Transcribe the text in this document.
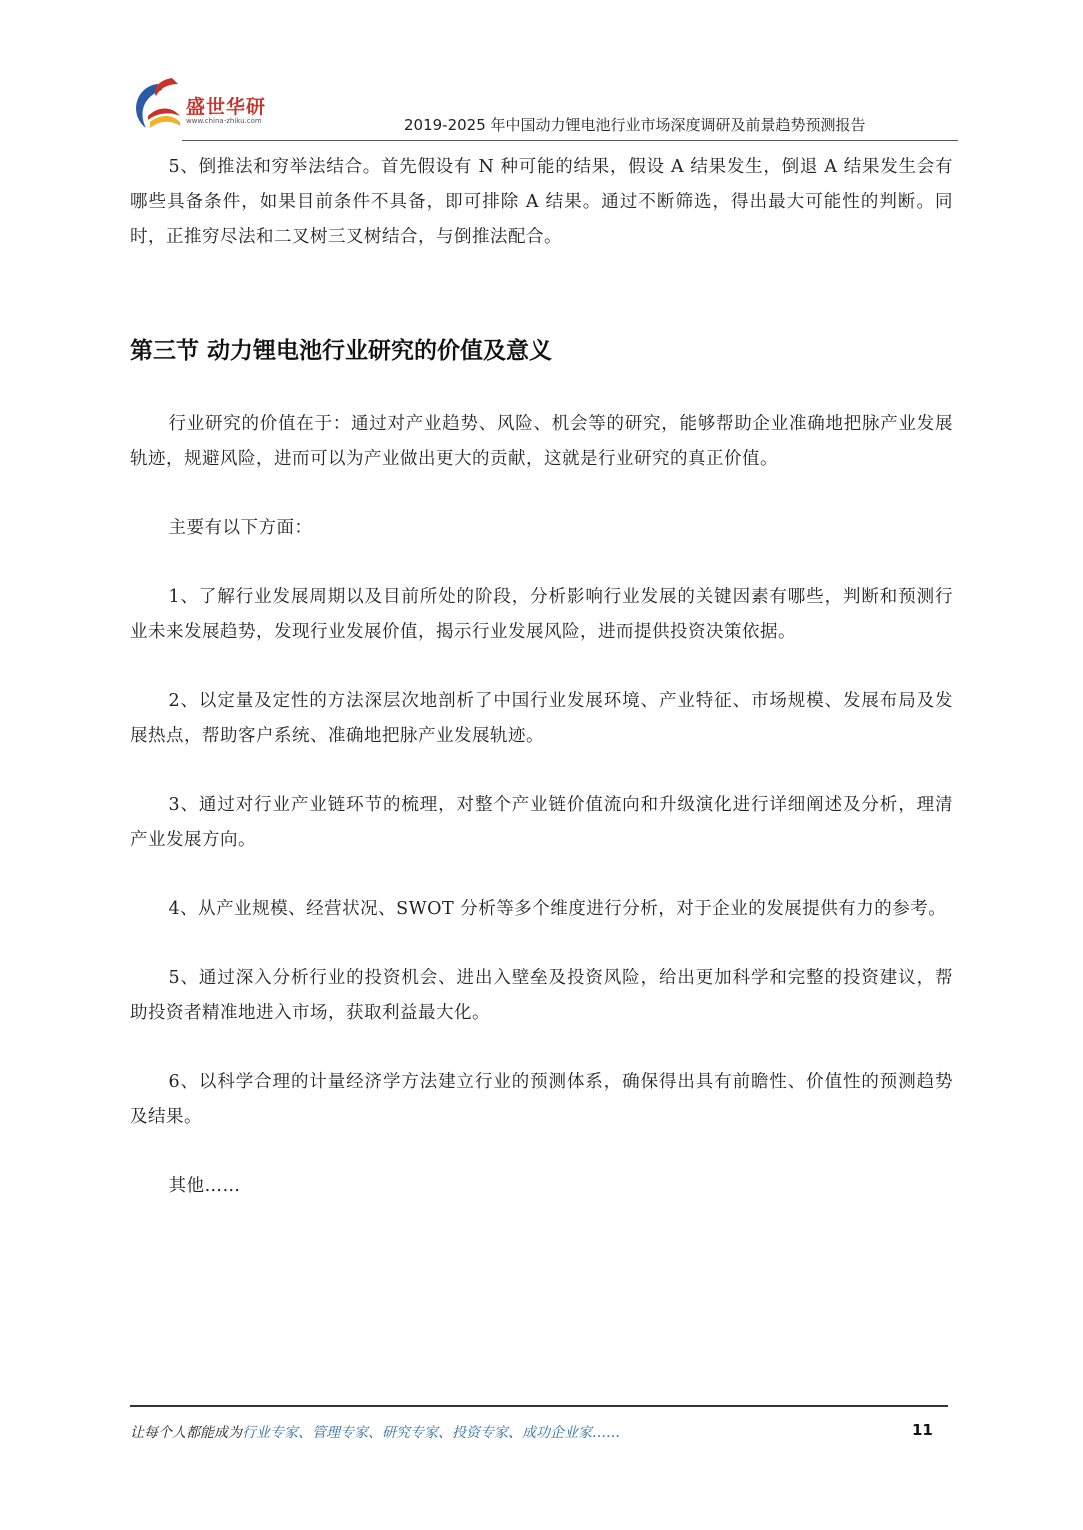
盛世华研
www.china-zhiku.com	2019-2025 年中国动力锂电池行业市场深度调研及前景趋势预测报告

5、倒推法和穷举法结合。首先假设有 N 种可能的结果，假设 A 结果发生，倒退 A 结果发生会有哪些具备条件，如果目前条件不具备，即可排除 A 结果。通过不断筛选，得出最大可能性的判断。同时，正推穷尽法和二叉树三叉树结合，与倒推法配合。

第三节 动力锂电池行业研究的价值及意义

行业研究的价值在于：通过对产业趋势、风险、机会等的研究，能够帮助企业准确地把脉产业发展轨迹，规避风险，进而可以为产业做出更大的贡献，这就是行业研究的真正价值。

主要有以下方面：

1、了解行业发展周期以及目前所处的阶段，分析影响行业发展的关键因素有哪些，判断和预测行业未来发展趋势，发现行业发展价值，揭示行业发展风险，进而提供投资决策依据。

2、以定量及定性的方法深层次地剖析了中国行业发展环境、产业特征、市场规模、发展布局及发展热点，帮助客户系统、准确地把脉产业发展轨迹。

3、通过对行业产业链环节的梳理，对整个产业链价值流向和升级演化进行详细阐述及分析，理清产业发展方向。

4、从产业规模、经营状况、SWOT 分析等多个维度进行分析，对于企业的发展提供有力的参考。

5、通过深入分析行业的投资机会、进出入壁垒及投资风险，给出更加科学和完整的投资建议，帮助投资者精准地进入市场，获取利益最大化。

6、以科学合理的计量经济学方法建立行业的预测体系，确保得出具有前瞻性、价值性的预测趋势及结果。

其他……

让每个人都能成为行业专家、管理专家、研究专家、投资专家、成功企业家……	11
